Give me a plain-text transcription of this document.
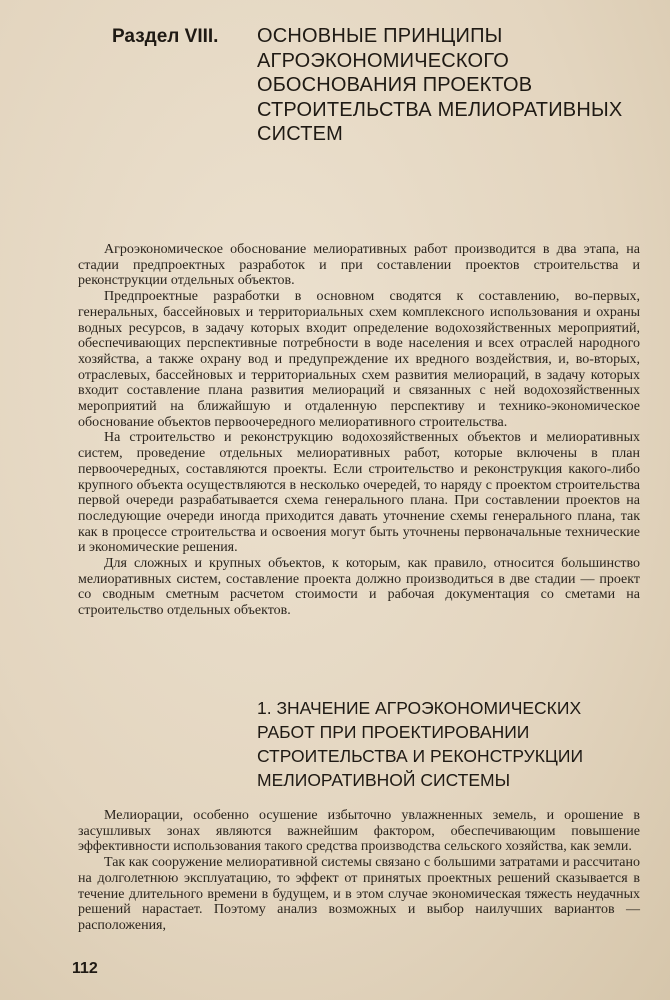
Раздел VIII.	ОСНОВНЫЕ ПРИНЦИПЫ
АГРОЭКОНОМИЧЕСКОГО
ОБОСНОВАНИЯ ПРОЕКТОВ
СТРОИТЕЛЬСТВА МЕЛИОРАТИВНЫХ
СИСТЕМ

Агроэкономическое обоснование мелиоративных работ производится в два этапа, на стадии предпроектных разработок и при составлении проектов строительства и реконструкции отдельных объектов.

Предпроектные разработки в основном сводятся к составлению, во-первых, генеральных, бассейновых и территориальных схем комплексного использования и охраны водных ресурсов, в задачу которых входит определение водохозяйственных мероприятий, обеспечивающих перспективные потребности в воде населения и всех отраслей народного хозяйства, а также охрану вод и предупреждение их вредного воздействия, и, во-вторых, отраслевых, бассейновых и территориальных схем развития мелиораций, в задачу которых входит составление плана развития мелиораций и связанных с ней водохозяйственных мероприятий на ближайшую и отдаленную перспективу и технико-экономическое обоснование объектов первоочередного мелиоративного строительства.

На строительство и реконструкцию водохозяйственных объектов и мелиоративных систем, проведение отдельных мелиоративных работ, которые включены в план первоочередных, составляются проекты. Если строительство и реконструкция какого-либо крупного объекта осуществляются в несколько очередей, то наряду с проектом строительства первой очереди разрабатывается схема генерального плана. При составлении проектов на последующие очереди иногда приходится давать уточнение схемы генерального плана, так как в процессе строительства и освоения могут быть уточнены первоначальные технические и экономические решения.

Для сложных и крупных объектов, к которым, как правило, относится большинство мелиоративных систем, составление проекта должно производиться в две стадии — проект со сводным сметным расчетом стоимости и рабочая документация со сметами на строительство отдельных объектов.

1. ЗНАЧЕНИЕ АГРОЭКОНОМИЧЕСКИХ
РАБОТ ПРИ ПРОЕКТИРОВАНИИ
СТРОИТЕЛЬСТВА И РЕКОНСТРУКЦИИ
МЕЛИОРАТИВНОЙ СИСТЕМЫ

Мелиорации, особенно осушение избыточно увлажненных земель, и орошение в засушливых зонах являются важнейшим фактором, обеспечивающим повышение эффективности использования такого средства производства сельского хозяйства, как земли.

Так как сооружение мелиоративной системы связано с большими затратами и рассчитано на долголетнюю эксплуатацию, то эффект от принятых проектных решений сказывается в течение длительного времени в будущем, и в этом случае экономическая тяжесть неудачных решений нарастает. Поэтому анализ возможных и выбор наилучших вариантов — расположения,

112
